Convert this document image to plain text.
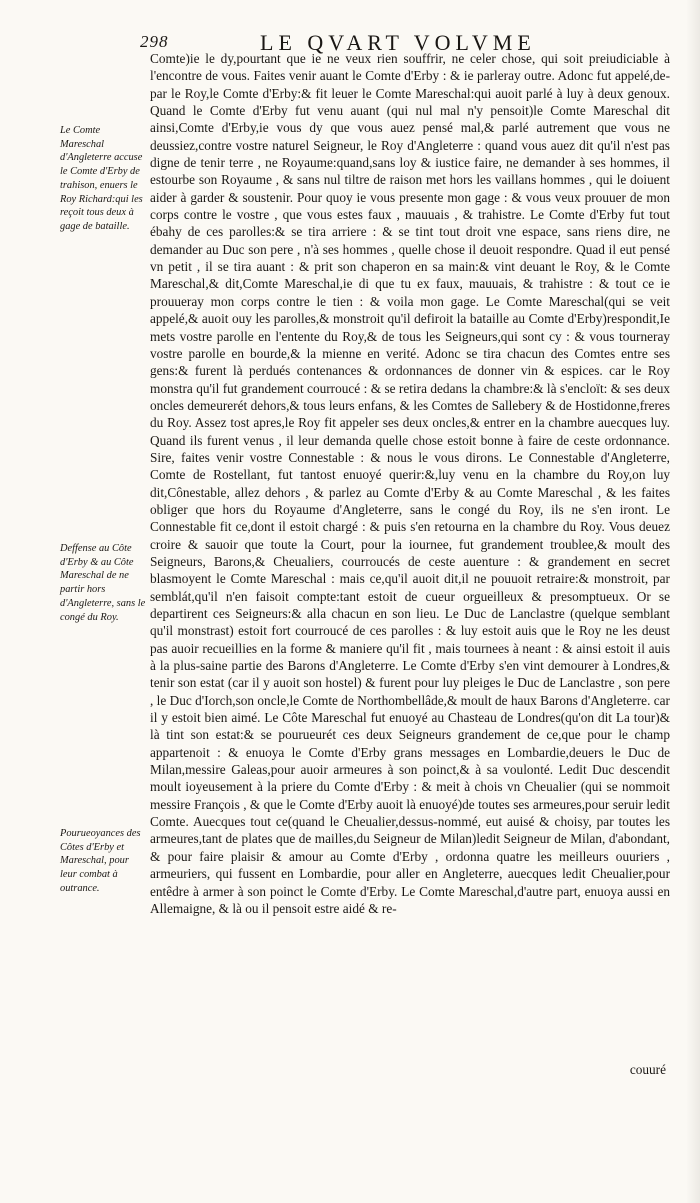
298	LE QVART VOLVME
Le Comte Mareschal d'Angleterre accuse le Comte d'Erby de trahison, enuers le Roy Richard:qui les reçoit tous deux à gage de bataille.
Deffense au Côte d'Erby & au Côte Mareschal de ne partir hors d'Angleterre, sans le congé du Roy.
Pourueoyances des Côtes d'Erby et Mareschal, pour leur combat à outrance.

Comte)ie le dy,pourtant que ie ne veux rien souffrir, ne celer chose, qui soit preiudiciable à l'encontre de vous. Faites venir auant le Comte d'Erby : & ie parleray outre. Adonc fut appelé,de-par le Roy,le Comte d'Erby:& fit leuer le Comte Mareschal:qui auoit parlé à luy à deux genoux. Quand le Comte d'Erby fut venu auant (qui nul mal n'y pensoit)le Comte Mareschal dit ainsi,Comte d'Erby,ie vous dy que vous auez pensé mal,& parlé autrement que vous ne deussiez,contre vostre naturel Seigneur, le Roy d'Angleterre : quand vous auez dit qu'il n'est pas digne de tenir terre , ne Royaume:quand,sans loy & iustice faire, ne demander à ses hommes, il estourbe son Royaume , & sans nul tiltre de raison met hors les vaillans hommes , qui le doiuent aider à garder & soustenir. Pour quoy ie vous presente mon gage : & vous veux prouuer de mon corps contre le vostre , que vous estes faux , mauuais , & trahistre. Le Comte d'Erby fut tout ébahy de ces parolles:& se tira arriere : & se tint tout droit vne espace, sans riens dire, ne demander au Duc son pere , n'à ses hommes , quelle chose il deuoit respondre. Quad il eut pensé vn petit , il se tira auant : & prit son chaperon en sa main:& vint deuant le Roy, & le Comte Mareschal,& dit,Comte Mareschal,ie di que tu ex faux, mauuais, & trahistre : & tout ce ie prouueray mon corps contre le tien : & voila mon gage. Le Comte Mareschal(qui se veit appelé,& auoit ouy les parolles,& monstroit qu'il defiroit la bataille au Comte d'Erby)respondit,Ie mets vostre parolle en l'entente du Roy,& de tous les Seigneurs,qui sont cy : & vous tourneray vostre parolle en bourde,& la mienne en verité. Adonc se tira chacun des Comtes entre ses gens:& furent là perdués contenances & ordonnances de donner vin & espices. car le Roy monstra qu'il fut grandement courroucé : & se retira dedans la chambre:& là s'encloït: & ses deux oncles demeurerét dehors,& tous leurs enfans, & les Comtes de Sallebery & de Hostidonne,freres du Roy. Assez tost apres,le Roy fit appeler ses deux oncles,& entrer en la chambre auecques luy. Quand ils furent venus , il leur demanda quelle chose estoit bonne à faire de ceste ordonnance. Sire, faites venir vostre Connestable : & nous le vous dirons. Le Connestable d'Angleterre, Comte de Rostellant, fut tantost enuoyé querir:&,luy venu en la chambre du Roy,on luy dit,Cônestable, allez dehors , & parlez au Comte d'Erby & au Comte Mareschal , & les faites obliger que hors du Royaume d'Angleterre, sans le congé du Roy, ils ne s'en iront. Le Connestable fit ce,dont il estoit chargé : & puis s'en retourna en la chambre du Roy. Vous deuez croire & sauoir que toute la Court, pour la iournee, fut grandement troublee,& moult des Seigneurs, Barons,& Cheualiers, courroucés de ceste auenture : & grandement en secret blasmoyent le Comte Mareschal : mais ce,qu'il auoit dit,il ne pouuoit retraire:& monstroit, par semblát,qu'il n'en faisoit compte:tant estoit de cueur orgueilleux & presomptueux. Or se departirent ces Seigneurs:& alla chacun en son lieu. Le Duc de Lanclastre (quelque semblant qu'il monstrast) estoit fort courroucé de ces parolles : & luy estoit auis que le Roy ne les deust pas auoir recueillies en la forme & maniere qu'il fit , mais tournees à neant : & ainsi estoit il auis à la plus-saine partie des Barons d'Angleterre. Le Comte d'Erby s'en vint demourer à Londres,& tenir son estat (car il y auoit son hostel) & furent pour luy pleiges le Duc de Lanclastre , son pere , le Duc d'Iorch,son oncle,le Comte de Northombellâde,& moult de haux Barons d'Angleterre. car il y estoit bien aimé. Le Côte Mareschal fut enuoyé au Chasteau de Londres(qu'on dit La tour)& là tint son estat:& se pourueurét ces deux Seigneurs grandement de ce,que pour le champ appartenoit : & enuoya le Comte d'Erby grans messages en Lombardie,deuers le Duc de Milan,messire Galeas,pour auoir armeures à son poinct,& à sa voulonté. Ledit Duc descendit moult ioyeusement à la priere du Comte d'Erby : & meit à chois vn Cheualier (qui se nommoit messire François , & que le Comte d'Erby auoit là enuoyé)de toutes ses armeures,pour seruir ledit Comte. Auecques tout ce(quand le Cheualier,dessus-nommé, eut auisé & choisy, par toutes les armeures,tant de plates que de mailles,du Seigneur de Milan)ledit Seigneur de Milan, d'abondant, & pour faire plaisir & amour au Comte d'Erby , ordonna quatre les meilleurs ouuriers , armeuriers, qui fussent en Lombardie, pour aller en Angleterre, auecques ledit Cheualier,pour entêdre à armer à son poinct le Comte d'Erby. Le Comte Mareschal,d'autre part, enuoya aussi en Allemaigne, & là ou il pensoit estre aidé & re-

couuré
